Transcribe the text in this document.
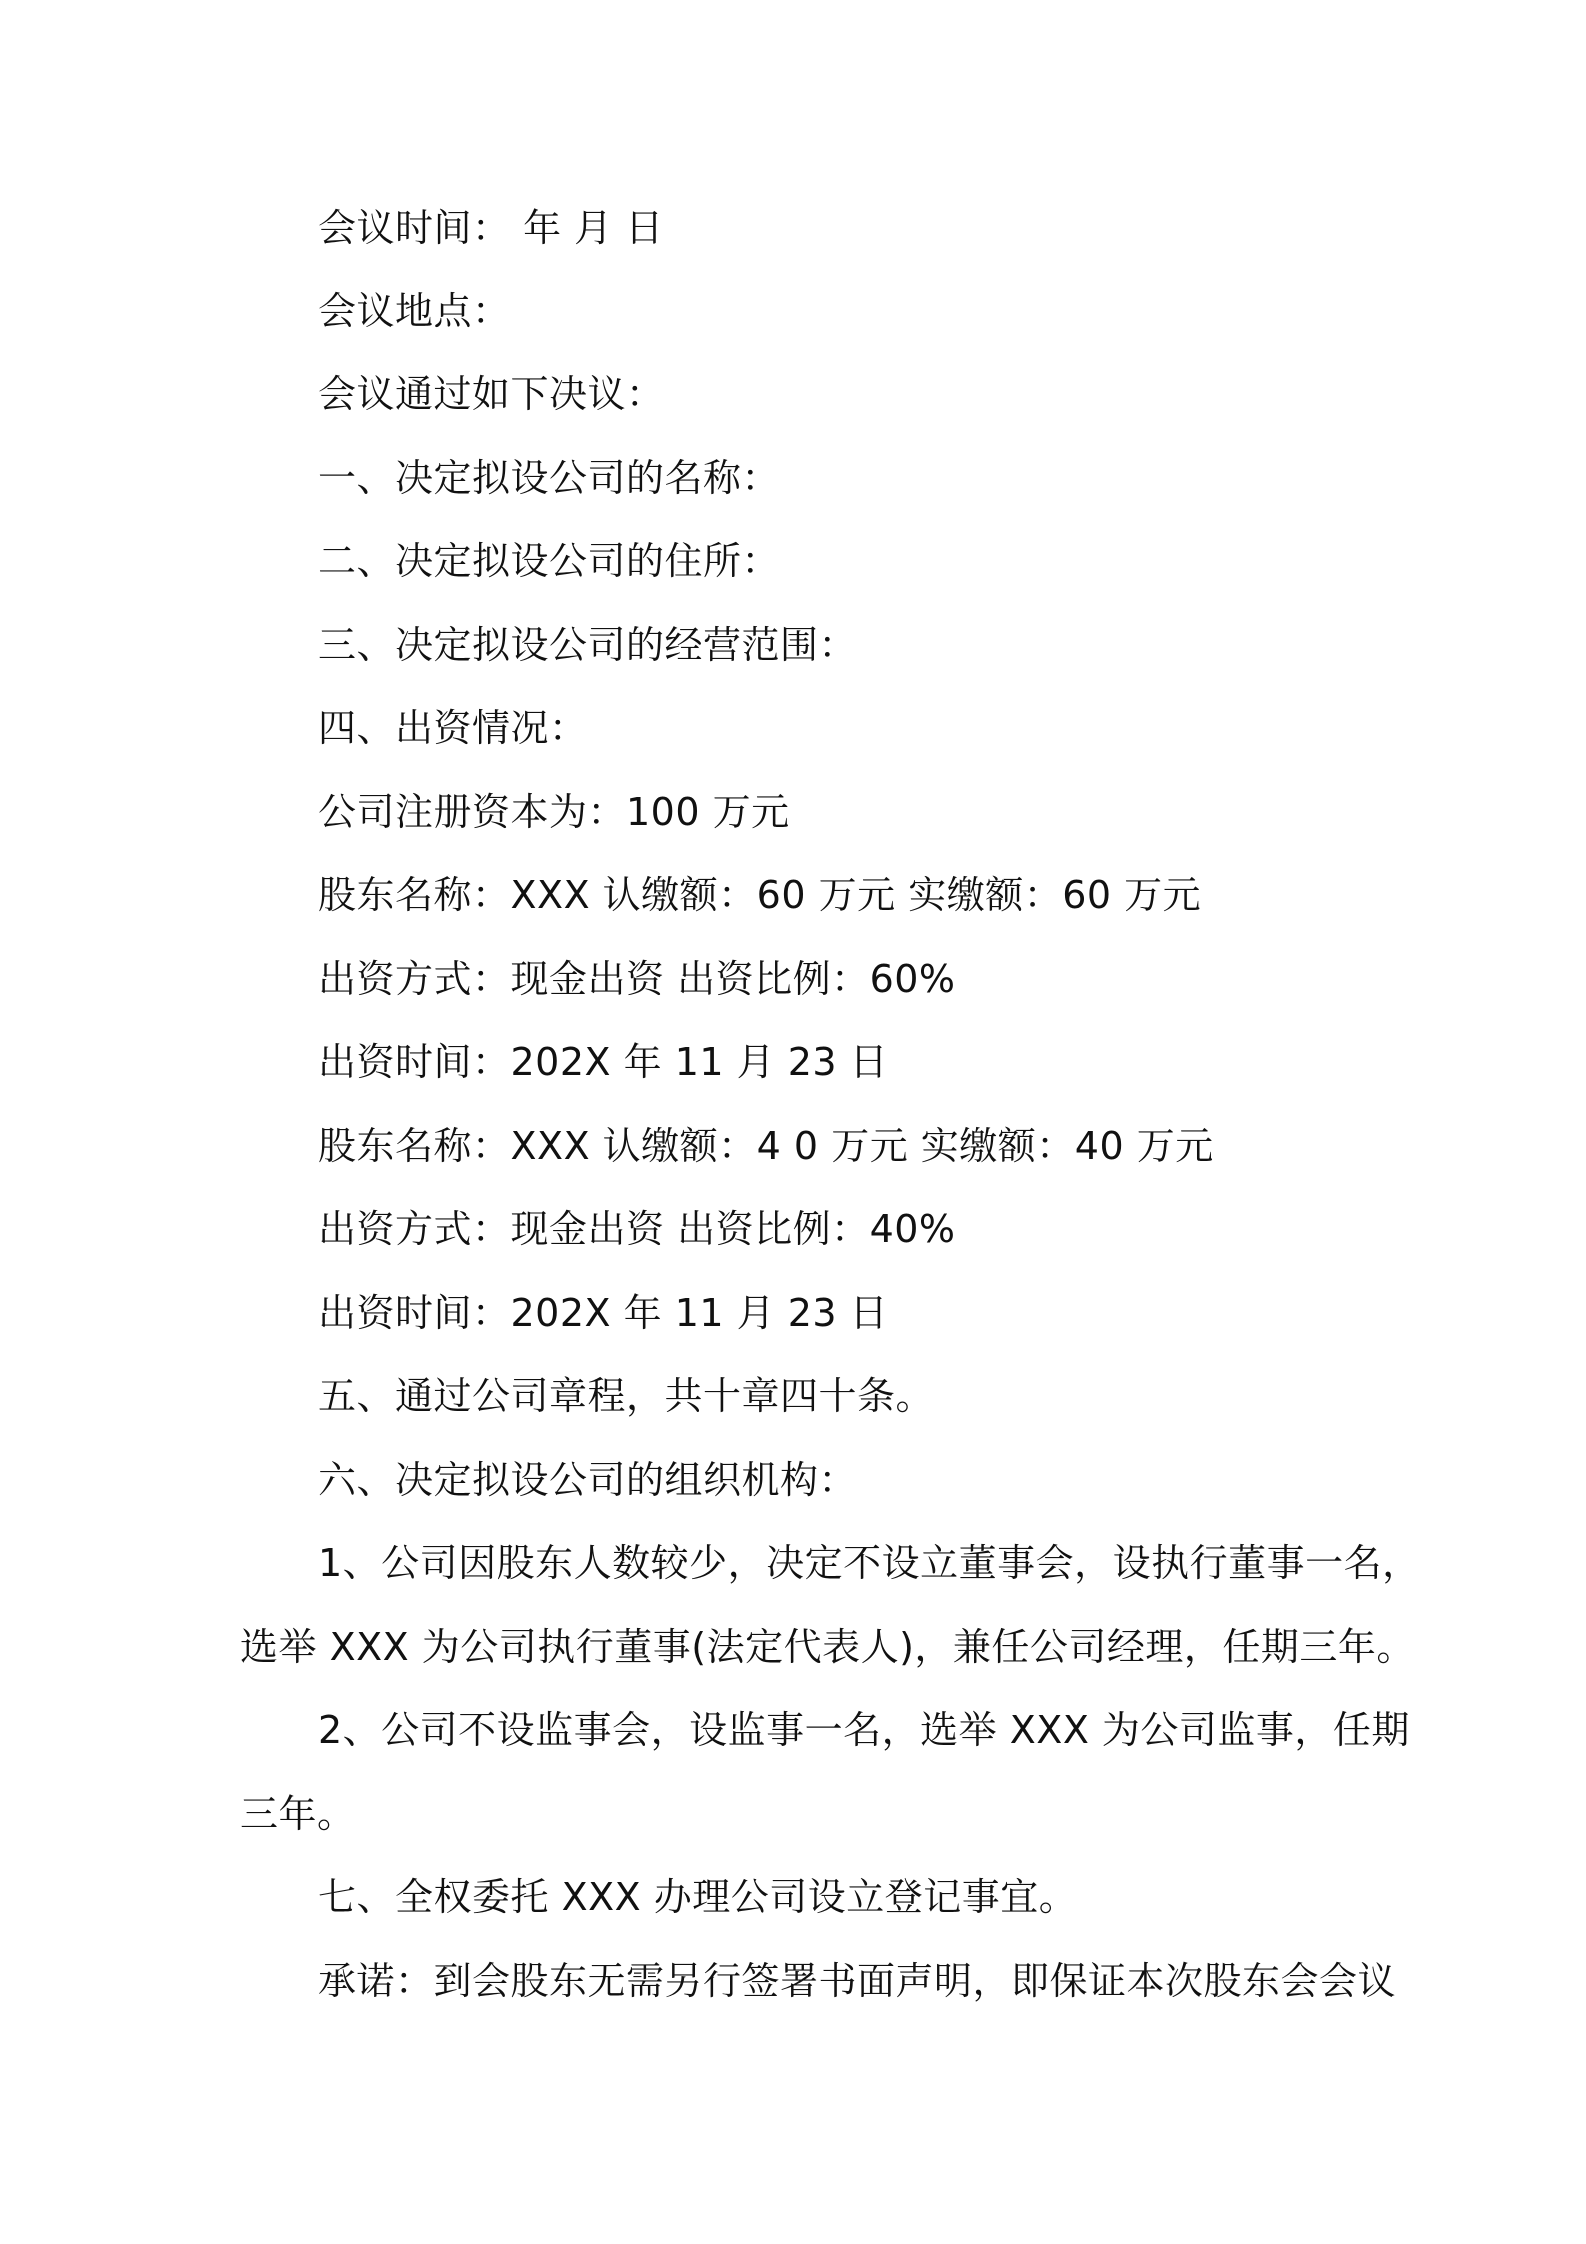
会议时间： 年 月 日
会议地点：
会议通过如下决议：
一、决定拟设公司的名称：
二、决定拟设公司的住所：
三、决定拟设公司的经营范围：
四、出资情况：
公司注册资本为：100 万元
股东名称：XXX 认缴额：60 万元 实缴额：60 万元
出资方式：现金出资 出资比例：60%
出资时间：202X 年 11 月 23 日
股东名称：XXX 认缴额：4 0 万元 实缴额：40 万元
出资方式：现金出资 出资比例：40%
出资时间：202X 年 11 月 23 日
五、通过公司章程，共十章四十条。
六、决定拟设公司的组织机构：
1、公司因股东人数较少，决定不设立董事会，设执行董事一名，
选举 XXX 为公司执行董事(法定代表人)，兼任公司经理，任期三年。
2、公司不设监事会，设监事一名，选举 XXX 为公司监事，任期
三年。
七、全权委托 XXX 办理公司设立登记事宜。
承诺：到会股东无需另行签署书面声明，即保证本次股东会会议
